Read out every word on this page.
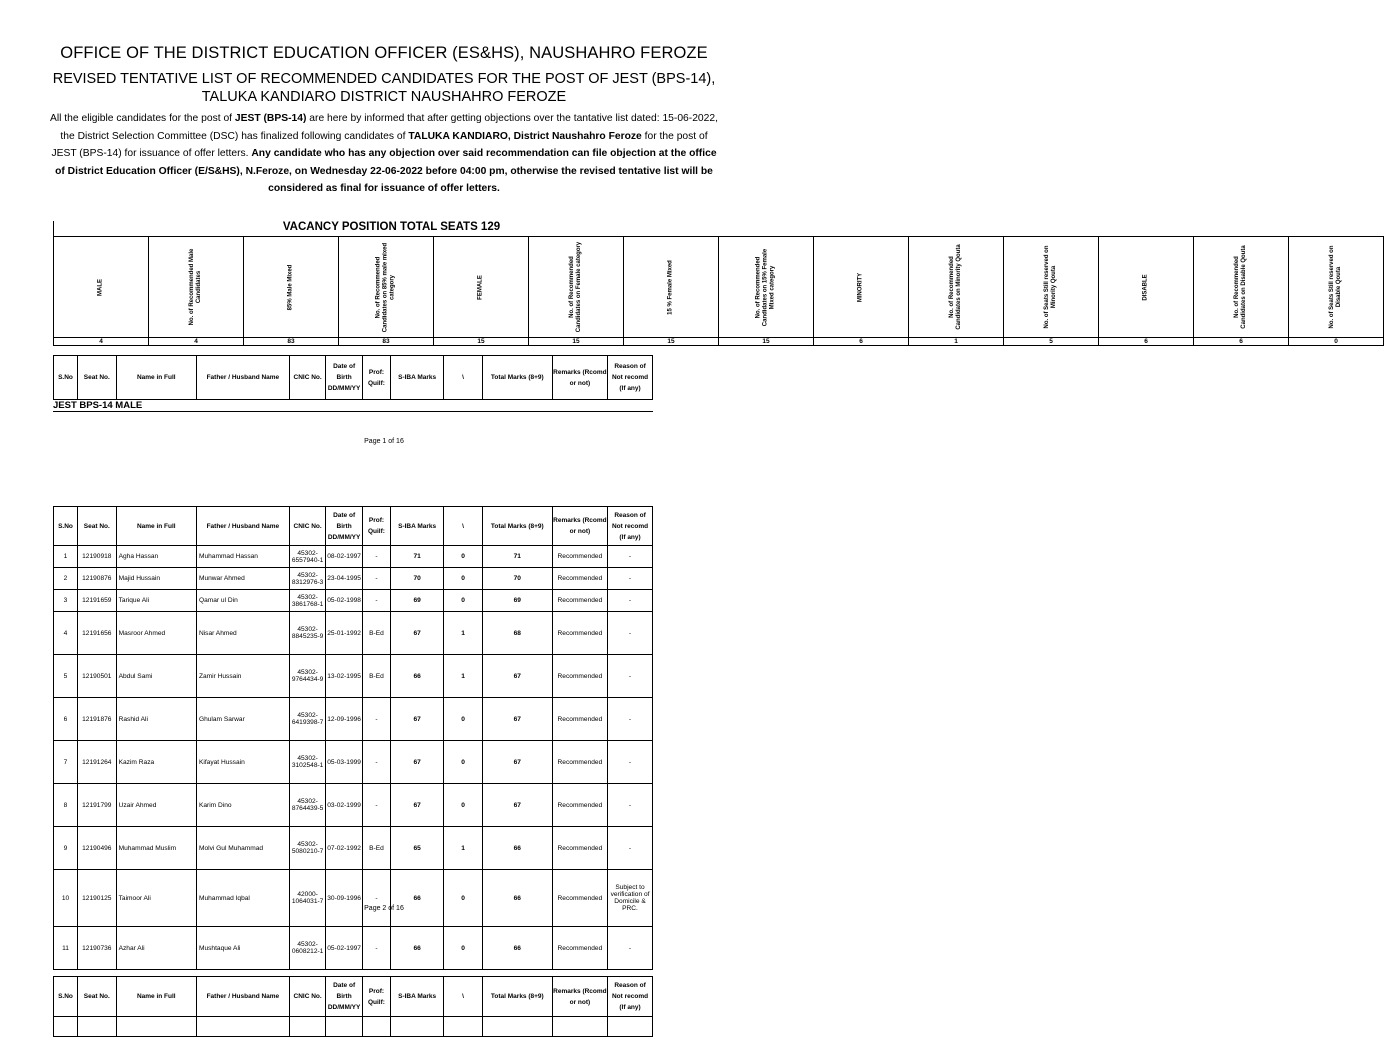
OFFICE OF THE DISTRICT EDUCATION OFFICER (ES&HS), NAUSHAHRO FEROZE
REVISED TENTATIVE LIST OF RECOMMENDED CANDIDATES FOR THE POST OF JEST (BPS-14), TALUKA KANDIARO DISTRICT NAUSHAHRO FEROZE
All the eligible candidates for the post of JEST (BPS-14) are here by informed that after getting objections over the tantative list dated: 15-06-2022, the District Selection Committee (DSC) has finalized following candidates of TALUKA KANDIARO, District Naushahro Feroze for the post of JEST (BPS-14) for issuance of offer letters. Any candidate who has any objection over said recommendation can file objection at the office of District Education Officer (E/S&HS), N.Feroze, on Wednesday 22-06-2022 before 04:00 pm, otherwise the revised tentative list will be considered as final for issuance of offer letters.
VACANCY POSITION TOTAL SEATS 129
MALE	No. of Recommended Male Candidates	85% Male Mixed	No. of Recommended Candidates on 85% male mixed category	FEMALE	No. of Recommended Candidates on Female category	15 % Female Mixed	No. of Recommended Candidates on 15% Female Mixed category	MINORITY	No. of Recommended Candidates on Minority Qouta	No. of Seats Still reserved on Minority Qouta	DISABLE	No. of Recommended Candidates on Disable Qouta	No. of Seats Still reserved on Disable Qouta
4	4	83	83	15	15	15	15	6	1	5	6	6	0
S.No	Seat No.	Name in Full	Father / Husband Name	CNIC No.	Date of Birth DD/MM/YY	Prof: Quilf:	S-IBA Marks	\	Total Marks (8+9)	Remarks (Rcomd or not)	Reason of Not recomd (If any)
JEST BPS-14 MALE
Page 1 of 16
S.No	Seat No.	Name in Full	Father / Husband Name	CNIC No.	Date of Birth DD/MM/YY	Prof: Quilf:	S-IBA Marks	\	Total Marks (8+9)	Remarks (Rcomd or not)	Reason of Not recomd (If any)
1	12190918	Agha Hassan	Muhammad Hassan	45302-6557940-1	08-02-1997	-	71	0	71	Recommended	-
2	12190876	Majid Hussain	Munwar Ahmed	45302-8312976-3	23-04-1995	-	70	0	70	Recommended	-
3	12191659	Tarique Ali	Qamar ul Din	45302-3861768-1	05-02-1998	-	69	0	69	Recommended	-
4	12191656	Masroor Ahmed	Nisar Ahmed	45302-8845235-9	25-01-1992	B-Ed	67	1	68	Recommended	-
5	12190501	Abdul Sami	Zamir Hussain	45302-9764434-9	13-02-1995	B-Ed	66	1	67	Recommended	-
6	12191876	Rashid Ali	Ghulam Sarwar	45302-6419398-7	12-09-1996	-	67	0	67	Recommended	-
7	12191264	Kazim Raza	Kifayat Hussain	45302-3102548-1	05-03-1999	-	67	0	67	Recommended	-
8	12191799	Uzair Ahmed	Karim Dino	45302-8764439-5	03-02-1999	-	67	0	67	Recommended	-
9	12190496	Muhammad Muslim	Molvi Gul Muhammad	45302-5080210-7	07-02-1992	B-Ed	65	1	66	Recommended	-
10	12190125	Taimoor Ali	Muhammad Iqbal	42000-1064031-7	30-09-1996	-	66	0	66	Recommended	Subject to verification of Domicile & PRC.
11	12190736	Azhar Ali	Mushtaque Ali	45302-0608212-1	05-02-1997	-	66	0	66	Recommended	-
Page 2 of 16
S.No	Seat No.	Name in Full	Father / Husband Name	CNIC No.	Date of Birth DD/MM/YY	Prof: Quilf:	S-IBA Marks	\	Total Marks (8+9)	Remarks (Rcomd or not)	Reason of Not recomd (If any)
